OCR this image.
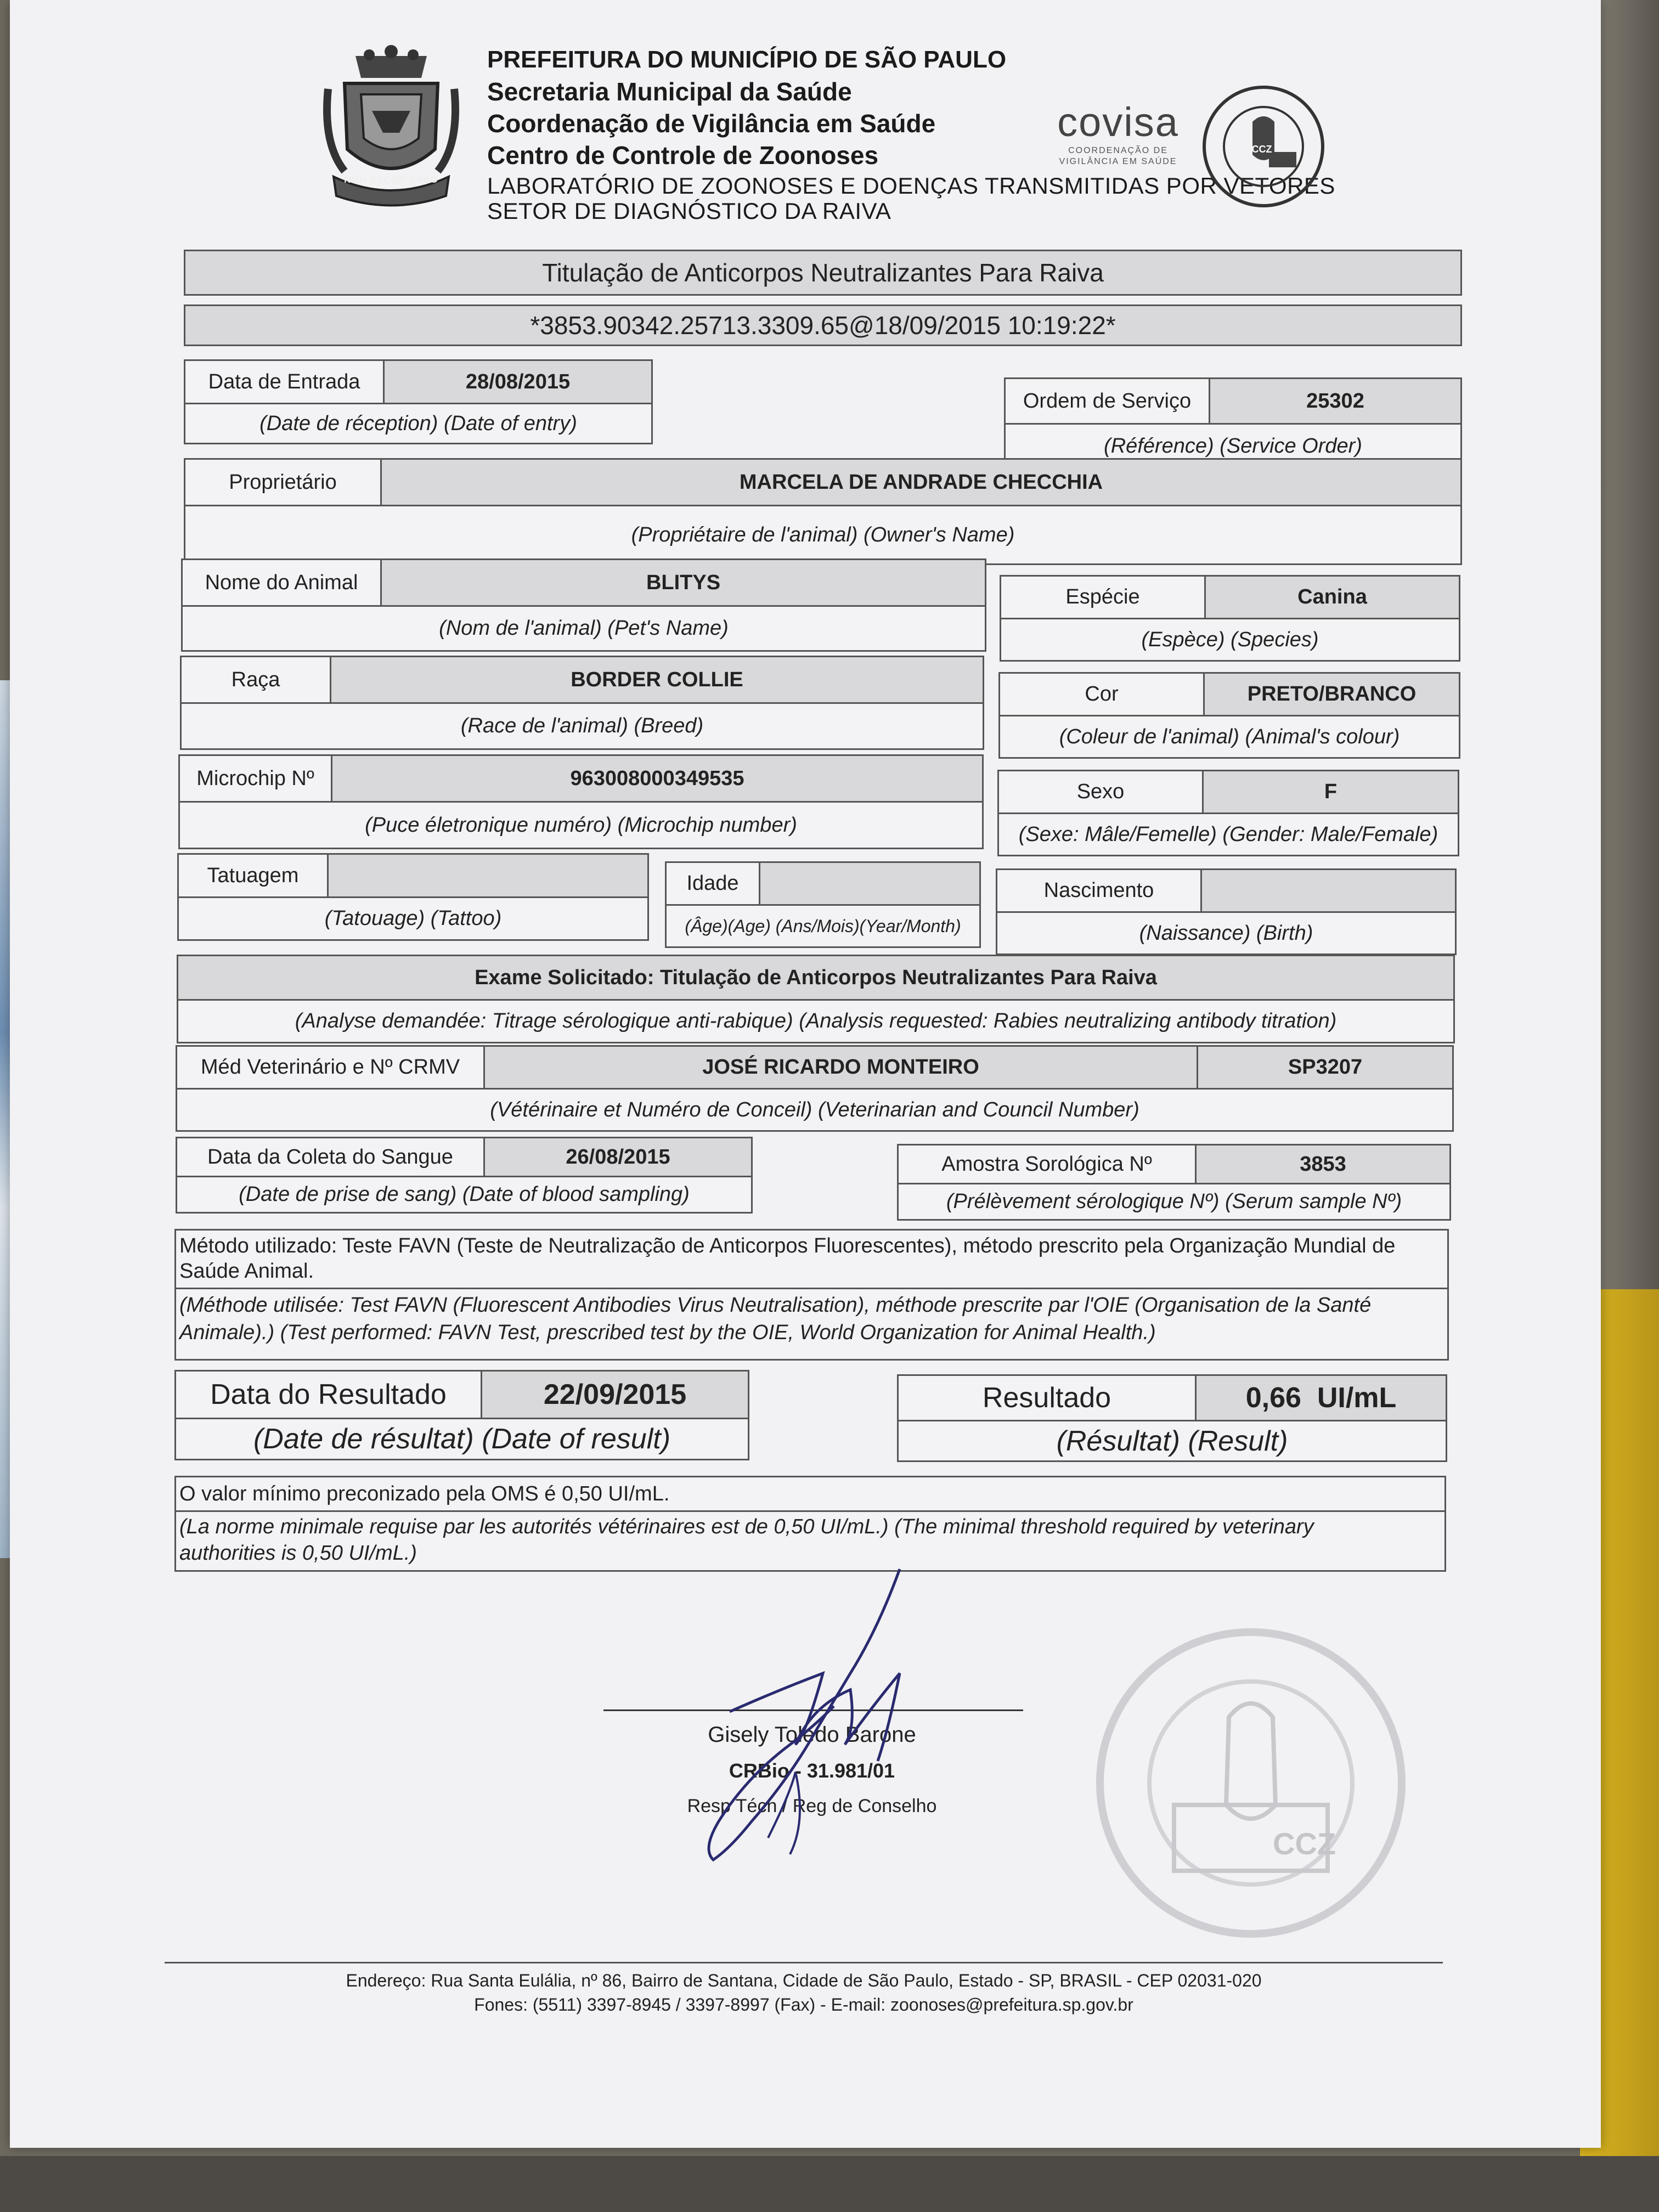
NON DVCOR DVCO
PREFEITURA DO MUNICÍPIO DE SÃO PAULO
Secretaria Municipal da Saúde
Coordenação de Vigilância em Saúde
Centro de Controle de Zoonoses
LABORATÓRIO DE ZOONOSES E DOENÇAS TRANSMITIDAS POR VETORES
SETOR DE DIAGNÓSTICO DA RAIVA
covisa
COORDENAÇÃO DE
VIGILÂNCIA EM SAÚDE
CCZ
Titulação de Anticorpos Neutralizantes Para Raiva
*3853.90342.25713.3309.65@18/09/2015 10:19:22*
Data de Entrada	28/08/2015
(Date de réception) (Date of entry)
Ordem de Serviço	25302
(Référence) (Service Order)
Proprietário	MARCELA DE ANDRADE CHECCHIA
(Propriétaire de l'animal) (Owner's Name)
Nome do Animal	BLITYS
(Nom de l'animal) (Pet's Name)
Espécie	Canina
(Espèce) (Species)
Raça	BORDER COLLIE
(Race de l'animal) (Breed)
Cor	PRETO/BRANCO
(Coleur de l'animal) (Animal's colour)
Microchip Nº	963008000349535
(Puce életronique numéro) (Microchip number)
Sexo	F
(Sexe: Mâle/Femelle) (Gender: Male/Female)
Tatuagem
(Tatouage) (Tattoo)
Idade
(Âge)(Age) (Ans/Mois)(Year/Month)
Nascimento
(Naissance) (Birth)
Exame Solicitado: Titulação de Anticorpos Neutralizantes Para Raiva
(Analyse demandée: Titrage sérologique anti-rabique) (Analysis requested: Rabies neutralizing antibody titration)
Méd Veterinário e Nº CRMV	JOSÉ RICARDO MONTEIRO	SP3207
(Vétérinaire et Numéro de Conceil) (Veterinarian and Council Number)
Data da Coleta do Sangue	26/08/2015
(Date de prise de sang) (Date of blood sampling)
Amostra Sorológica Nº	3853
(Prélèvement sérologique Nº) (Serum sample Nº)
Método utilizado: Teste FAVN (Teste de Neutralização de Anticorpos Fluorescentes), método prescrito pela Organização Mundial de
Saúde Animal.
(Méthode utilisée: Test FAVN (Fluorescent Antibodies Virus Neutralisation), méthode prescrite par l'OIE (Organisation de la Santé
Animale).) (Test performed: FAVN Test, prescribed test by the OIE, World Organization for Animal Health.)
Data do Resultado	22/09/2015
(Date de résultat) (Date of result)
Resultado	0,66  UI/mL
(Résultat) (Result)
O valor mínimo preconizado pela OMS é 0,50 UI/mL.
(La norme minimale requise par les autorités vétérinaires est de 0,50 UI/mL.) (The minimal threshold required by veterinary
authorities is 0,50 UI/mL.)
CCZ
Gisely Toledo Barone
CRBio - 31.981/01
Resp Técn / Reg de Conselho
Endereço: Rua Santa Eulália, nº 86, Bairro de Santana, Cidade de São Paulo, Estado - SP, BRASIL - CEP 02031-020
Fones: (5511) 3397-8945 / 3397-8997 (Fax) - E-mail: zoonoses@prefeitura.sp.gov.br
